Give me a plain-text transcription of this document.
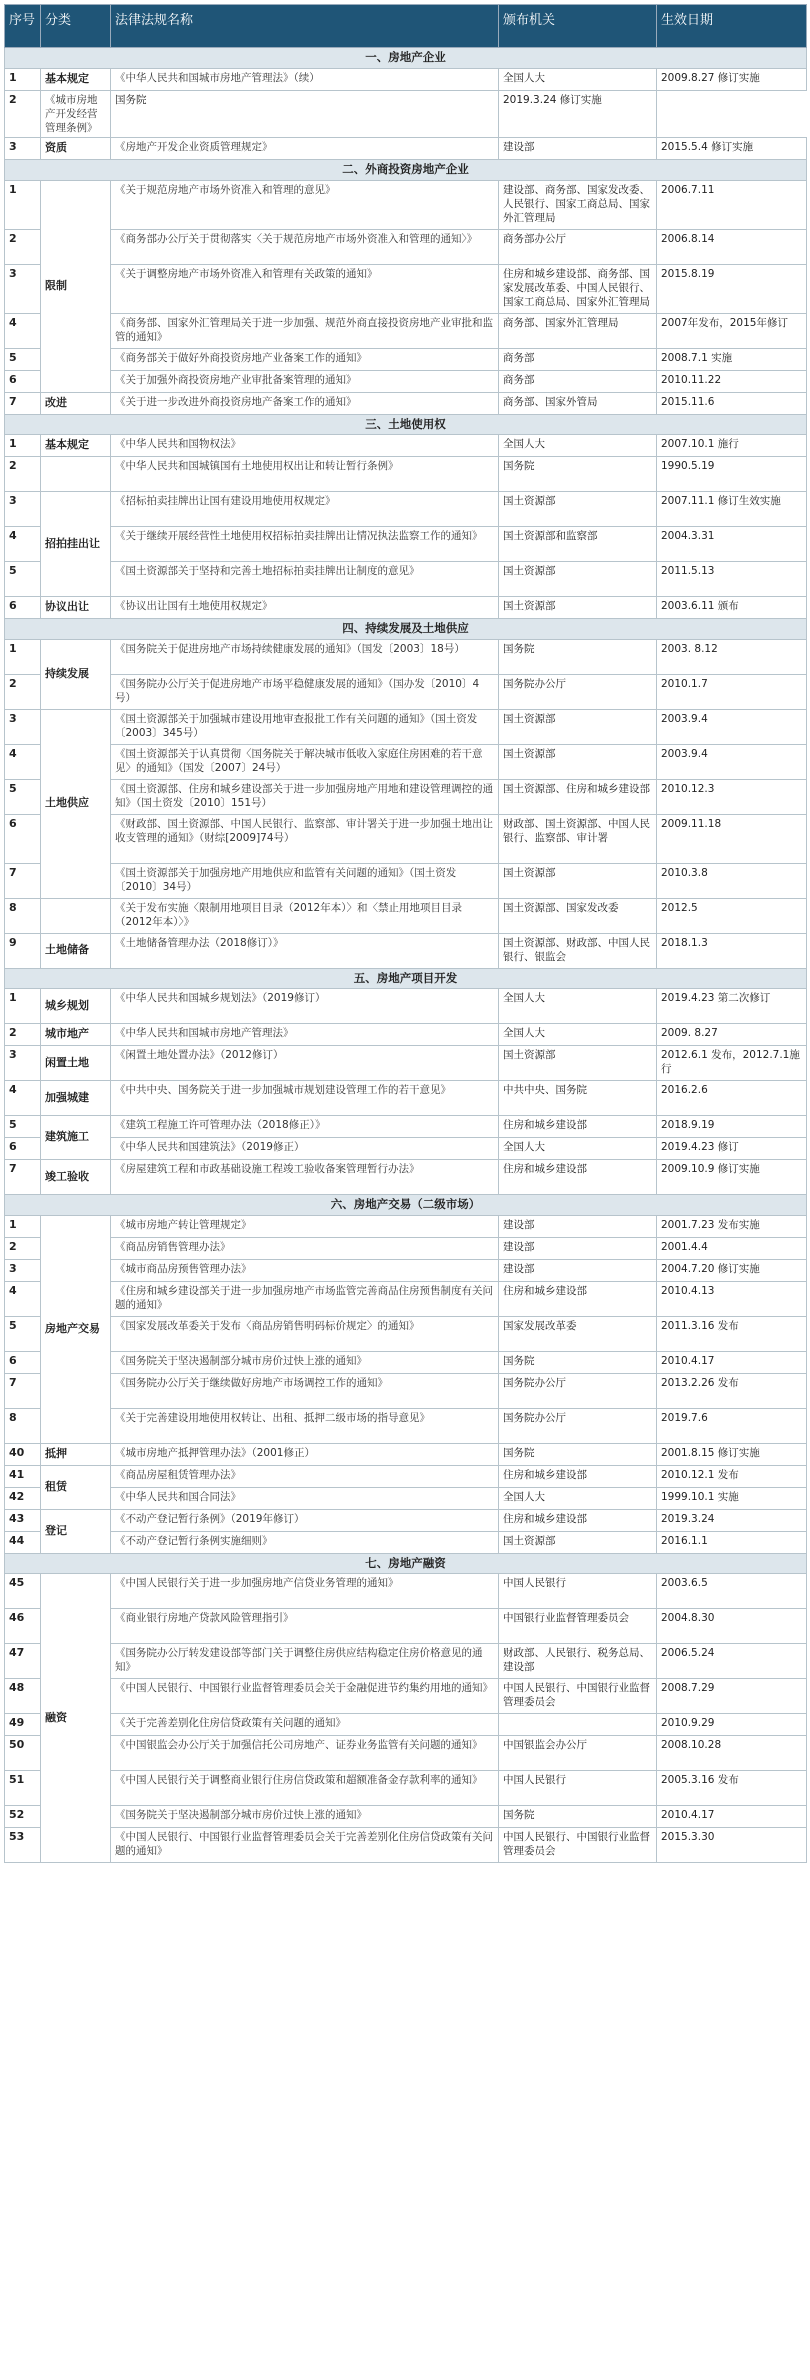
序号	分类	法律法规名称	颁布机关	生效日期
一、房地产企业				
1	基本规定	《中华人民共和国城市房地产管理法》（续）	全国人大	2009.8.27 修订实施
2	《城市房地产开发经营管理条例》	国务院	2019.3.24 修订实施	
3	资质	《房地产开发企业资质管理规定》	建设部	2015.5.4 修订实施
二、外商投资房地产企业				
1	限制	《关于规范房地产市场外资准入和管理的意见》	建设部、商务部、国家发改委、人民银行、国家工商总局、国家外汇管理局	2006.7.11
2		《商务部办公厅关于贯彻落实〈关于规范房地产市场外资准入和管理的通知〉》	商务部办公厅	2006.8.14
3		《关于调整房地产市场外资准入和管理有关政策的通知》	住房和城乡建设部、商务部、国家发展改革委、中国人民银行、国家工商总局、国家外汇管理局	2015.8.19
4		《商务部、国家外汇管理局关于进一步加强、规范外商直接投资房地产业审批和监管的通知》	商务部、国家外汇管理局	2007年发布，2015年修订
5		《商务部关于做好外商投资房地产业备案工作的通知》	商务部	2008.7.1 实施
6		《关于加强外商投资房地产业审批备案管理的通知》	商务部	2010.11.22
7	改进	《关于进一步改进外商投资房地产备案工作的通知》	商务部、国家外管局	2015.11.6
三、土地使用权				
1	基本规定	《中华人民共和国物权法》	全国人大	2007.10.1 施行
2		《中华人民共和国城镇国有土地使用权出让和转让暂行条例》	国务院	1990.5.19
3	招拍挂出让	《招标拍卖挂牌出让国有建设用地使用权规定》	国土资源部	2007.11.1 修订生效实施
4		《关于继续开展经营性土地使用权招标拍卖挂牌出让情况执法监察工作的通知》	国土资源部和监察部	2004.3.31
5		《国土资源部关于坚持和完善土地招标拍卖挂牌出让制度的意见》	国土资源部	2011.5.13
6	协议出让	《协议出让国有土地使用权规定》	国土资源部	2003.6.11 颁布
四、持续发展及土地供应				
1	持续发展	《国务院关于促进房地产市场持续健康发展的通知》（国发〔2003〕18号）	国务院	2003. 8.12
2		《国务院办公厅关于促进房地产市场平稳健康发展的通知》（国办发〔2010〕4号）	国务院办公厅	2010.1.7
3	土地供应	《国土资源部关于加强城市建设用地审查报批工作有关问题的通知》（国土资发〔2003〕345号）	国土资源部	2003.9.4
4		《国土资源部关于认真贯彻〈国务院关于解决城市低收入家庭住房困难的若干意见〉的通知》（国发〔2007〕24号）	国土资源部	2003.9.4
5		《国土资源部、住房和城乡建设部关于进一步加强房地产用地和建设管理调控的通知》（国土资发〔2010〕151号）	国土资源部、住房和城乡建设部	2010.12.3
6		《财政部、国土资源部、中国人民银行、监察部、审计署关于进一步加强土地出让收支管理的通知》（财综[2009]74号）	财政部、国土资源部、中国人民银行、监察部、审计署	2009.11.18
7		《国土资源部关于加强房地产用地供应和监管有关问题的通知》（国土资发〔2010〕34号）	国土资源部	2010.3.8
8		《关于发布实施〈限制用地项目目录（2012年本）〉和〈禁止用地项目目录（2012年本）〉》	国土资源部、国家发改委	2012.5
9	土地储备	《土地储备管理办法（2018修订）》	国土资源部、财政部、中国人民银行、银监会	2018.1.3
五、房地产项目开发				
1	城乡规划	《中华人民共和国城乡规划法》（2019修订）	全国人大	2019.4.23 第二次修订
2	城市地产	《中华人民共和国城市房地产管理法》	全国人大	2009. 8.27
3	闲置土地	《闲置土地处置办法》（2012修订）	国土资源部	2012.6.1 发布，2012.7.1施行
4	加强城建	《中共中央、国务院关于进一步加强城市规划建设管理工作的若干意见》	中共中央、国务院	2016.2.6
5	建筑施工	《建筑工程施工许可管理办法（2018修正）》	住房和城乡建设部	2018.9.19
6		《中华人民共和国建筑法》（2019修正）	全国人大	2019.4.23 修订
7	竣工验收	《房屋建筑工程和市政基础设施工程竣工验收备案管理暂行办法》	住房和城乡建设部	2009.10.9 修订实施
六、房地产交易（二级市场）				
1	房地产交易	《城市房地产转让管理规定》	建设部	2001.7.23 发布实施
2		《商品房销售管理办法》	建设部	2001.4.4
3		《城市商品房预售管理办法》	建设部	2004.7.20 修订实施
4		《住房和城乡建设部关于进一步加强房地产市场监管完善商品住房预售制度有关问题的通知》	住房和城乡建设部	2010.4.13
5		《国家发展改革委关于发布〈商品房销售明码标价规定〉的通知》	国家发展改革委	2011.3.16 发布
6		《国务院关于坚决遏制部分城市房价过快上涨的通知》	国务院	2010.4.17
7		《国务院办公厅关于继续做好房地产市场调控工作的通知》	国务院办公厅	2013.2.26 发布
8		《关于完善建设用地使用权转让、出租、抵押二级市场的指导意见》	国务院办公厅	2019.7.6
40	抵押	《城市房地产抵押管理办法》（2001修正）	国务院	2001.8.15 修订实施
41	租赁	《商品房屋租赁管理办法》	住房和城乡建设部	2010.12.1 发布
42		《中华人民共和国合同法》	全国人大	1999.10.1 实施
43	登记	《不动产登记暂行条例》（2019年修订）	住房和城乡建设部	2019.3.24
44		《不动产登记暂行条例实施细则》	国土资源部	2016.1.1
七、房地产融资				
45	融资	《中国人民银行关于进一步加强房地产信贷业务管理的通知》	中国人民银行	2003.6.5
46		《商业银行房地产贷款风险管理指引》	中国银行业监督管理委员会	2004.8.30
47		《国务院办公厅转发建设部等部门关于调整住房供应结构稳定住房价格意见的通知》	财政部、人民银行、税务总局、建设部	2006.5.24
48		《中国人民银行、中国银行业监督管理委员会关于金融促进节约集约用地的通知》	中国人民银行、中国银行业监督管理委员会	2008.7.29
49		《关于完善差别化住房信贷政策有关问题的通知》		2010.9.29
50		《中国银监会办公厅关于加强信托公司房地产、证券业务监管有关问题的通知》	中国银监会办公厅	2008.10.28
51		《中国人民银行关于调整商业银行住房信贷政策和超额准备金存款利率的通知》	中国人民银行	2005.3.16 发布
52		《国务院关于坚决遏制部分城市房价过快上涨的通知》	国务院	2010.4.17
53		《中国人民银行、中国银行业监督管理委员会关于完善差别化住房信贷政策有关问题的通知》	中国人民银行、中国银行业监督管理委员会	2015.3.30
